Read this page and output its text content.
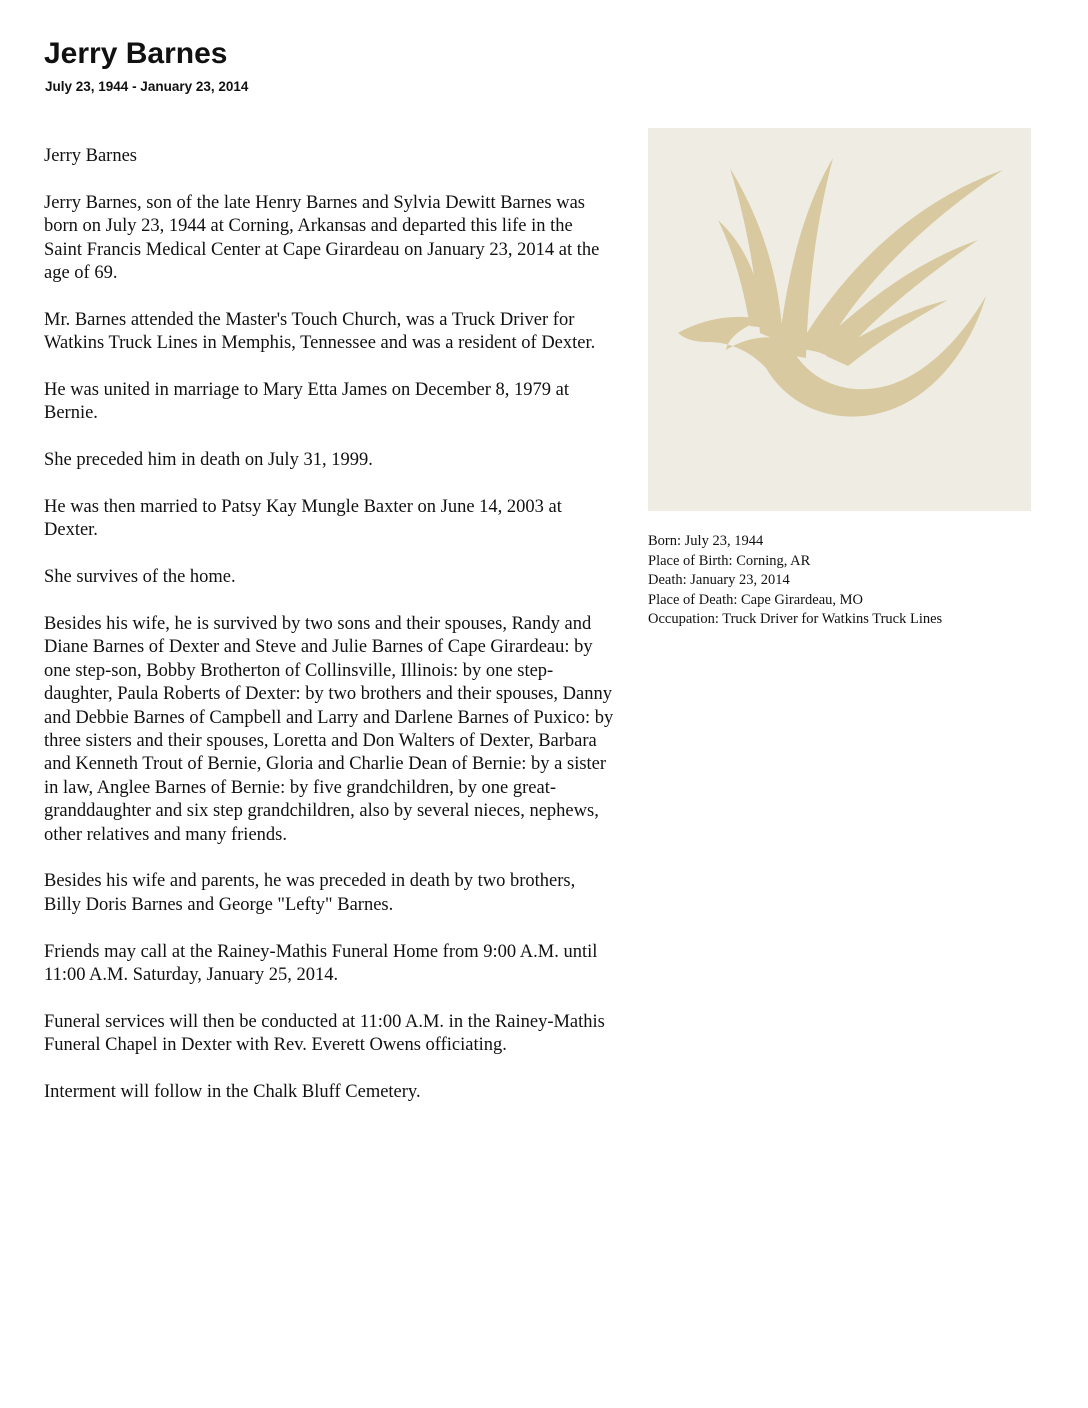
Jerry Barnes
July 23, 1944 - January 23, 2014

Jerry Barnes

Jerry Barnes, son of the late Henry Barnes and Sylvia Dewitt Barnes was born on July 23, 1944 at Corning, Arkansas and departed this life in the Saint Francis Medical Center at Cape Girardeau on January 23, 2014 at the age of 69.

Mr. Barnes attended the Master's Touch Church, was a Truck Driver for Watkins Truck Lines in Memphis, Tennessee and was a resident of Dexter.

He was united in marriage to Mary Etta James on December 8, 1979 at Bernie.

She preceded him in death on July 31, 1999.

He was then married to Patsy Kay Mungle Baxter on June 14, 2003 at Dexter.

She survives of the home.

Besides his wife, he is survived by two sons and their spouses, Randy and Diane Barnes of Dexter and Steve and Julie Barnes of Cape Girardeau: by one step-son, Bobby Brotherton of Collinsville, Illinois: by one step-daughter, Paula Roberts of Dexter: by two brothers and their spouses, Danny and Debbie Barnes of Campbell and Larry and Darlene Barnes of Puxico: by three sisters and their spouses, Loretta and Don Walters of Dexter, Barbara and Kenneth Trout of Bernie, Gloria and Charlie Dean of Bernie: by a sister in law, Anglee Barnes of Bernie: by five grandchildren, by one great-granddaughter and six step grandchildren, also by several nieces, nephews, other relatives and many friends.

Besides his wife and parents, he was preceded in death by two brothers, Billy Doris Barnes and George "Lefty" Barnes.

Friends may call at the Rainey-Mathis Funeral Home from 9:00 A.M. until 11:00 A.M. Saturday, January 25, 2014.

Funeral services will then be conducted at 11:00 A.M. in the Rainey-Mathis Funeral Chapel in Dexter with Rev. Everett Owens officiating.

Interment will follow in the Chalk Bluff Cemetery.

Born: July 23, 1944
Place of Birth: Corning, AR
Death: January 23, 2014
Place of Death: Cape Girardeau, MO
Occupation: Truck Driver for Watkins Truck Lines
